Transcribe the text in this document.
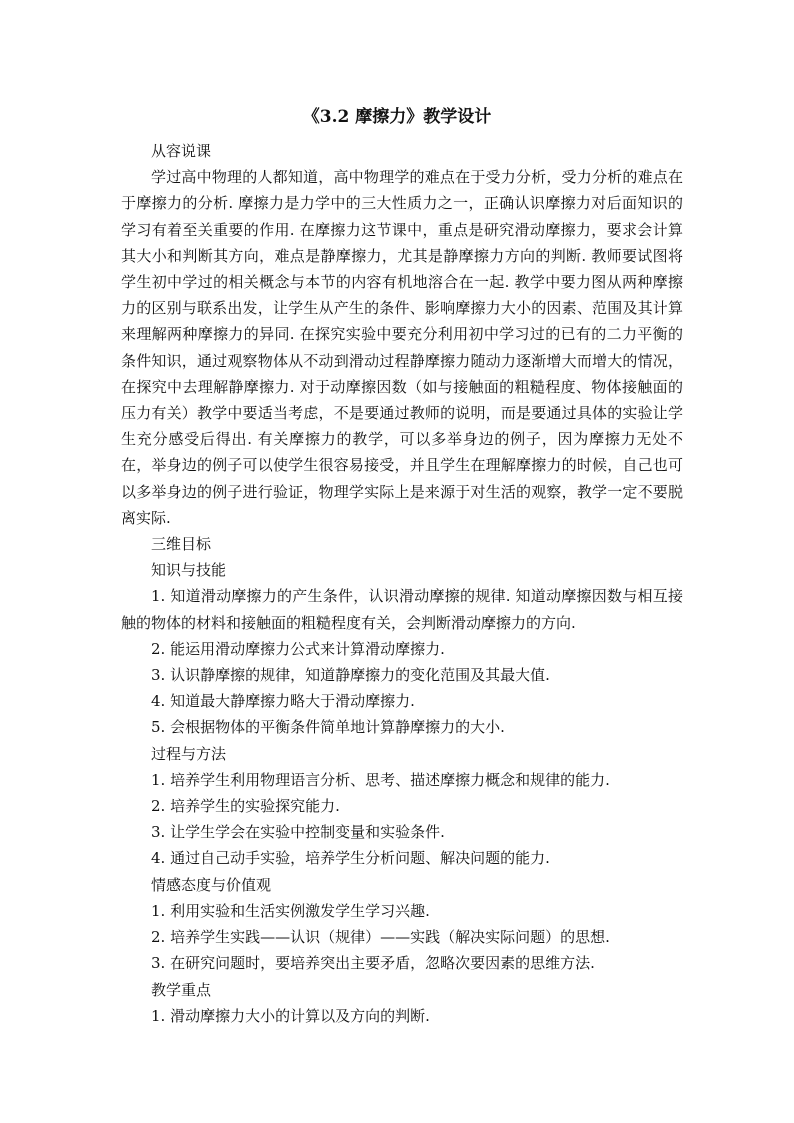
《3.2 摩擦力》教学设计

从容说课

学过高中物理的人都知道，高中物理学的难点在于受力分析，受力分析的难点在于摩擦力的分析. 摩擦力是力学中的三大性质力之一，正确认识摩擦力对后面知识的学习有着至关重要的作用. 在摩擦力这节课中，重点是研究滑动摩擦力，要求会计算其大小和判断其方向，难点是静摩擦力，尤其是静摩擦力方向的判断. 教师要试图将学生初中学过的相关概念与本节的内容有机地溶合在一起. 教学中要力图从两种摩擦力的区别与联系出发，让学生从产生的条件、影响摩擦力大小的因素、范围及其计算来理解两种摩擦力的异同. 在探究实验中要充分利用初中学习过的已有的二力平衡的条件知识，通过观察物体从不动到滑动过程静摩擦力随动力逐渐增大而增大的情况，在探究中去理解静摩擦力. 对于动摩擦因数（如与接触面的粗糙程度、物体接触面的压力有关）教学中要适当考虑，不是要通过教师的说明，而是要通过具体的实验让学生充分感受后得出. 有关摩擦力的教学，可以多举身边的例子，因为摩擦力无处不在，举身边的例子可以使学生很容易接受，并且学生在理解摩擦力的时候，自己也可以多举身边的例子进行验证，物理学实际上是来源于对生活的观察，教学一定不要脱离实际.

三维目标

知识与技能

1. 知道滑动摩擦力的产生条件，认识滑动摩擦的规律. 知道动摩擦因数与相互接触的物体的材料和接触面的粗糙程度有关，会判断滑动摩擦力的方向.

2. 能运用滑动摩擦力公式来计算滑动摩擦力.

3. 认识静摩擦的规律，知道静摩擦力的变化范围及其最大值.

4. 知道最大静摩擦力略大于滑动摩擦力.

5. 会根据物体的平衡条件简单地计算静摩擦力的大小.

过程与方法

1. 培养学生利用物理语言分析、思考、描述摩擦力概念和规律的能力.

2. 培养学生的实验探究能力.

3. 让学生学会在实验中控制变量和实验条件.

4. 通过自己动手实验，培养学生分析问题、解决问题的能力.

情感态度与价值观

1. 利用实验和生活实例激发学生学习兴趣.

2. 培养学生实践——认识（规律）——实践（解决实际问题）的思想.

3. 在研究问题时，要培养突出主要矛盾，忽略次要因素的思维方法.

教学重点

1. 滑动摩擦力大小的计算以及方向的判断.
